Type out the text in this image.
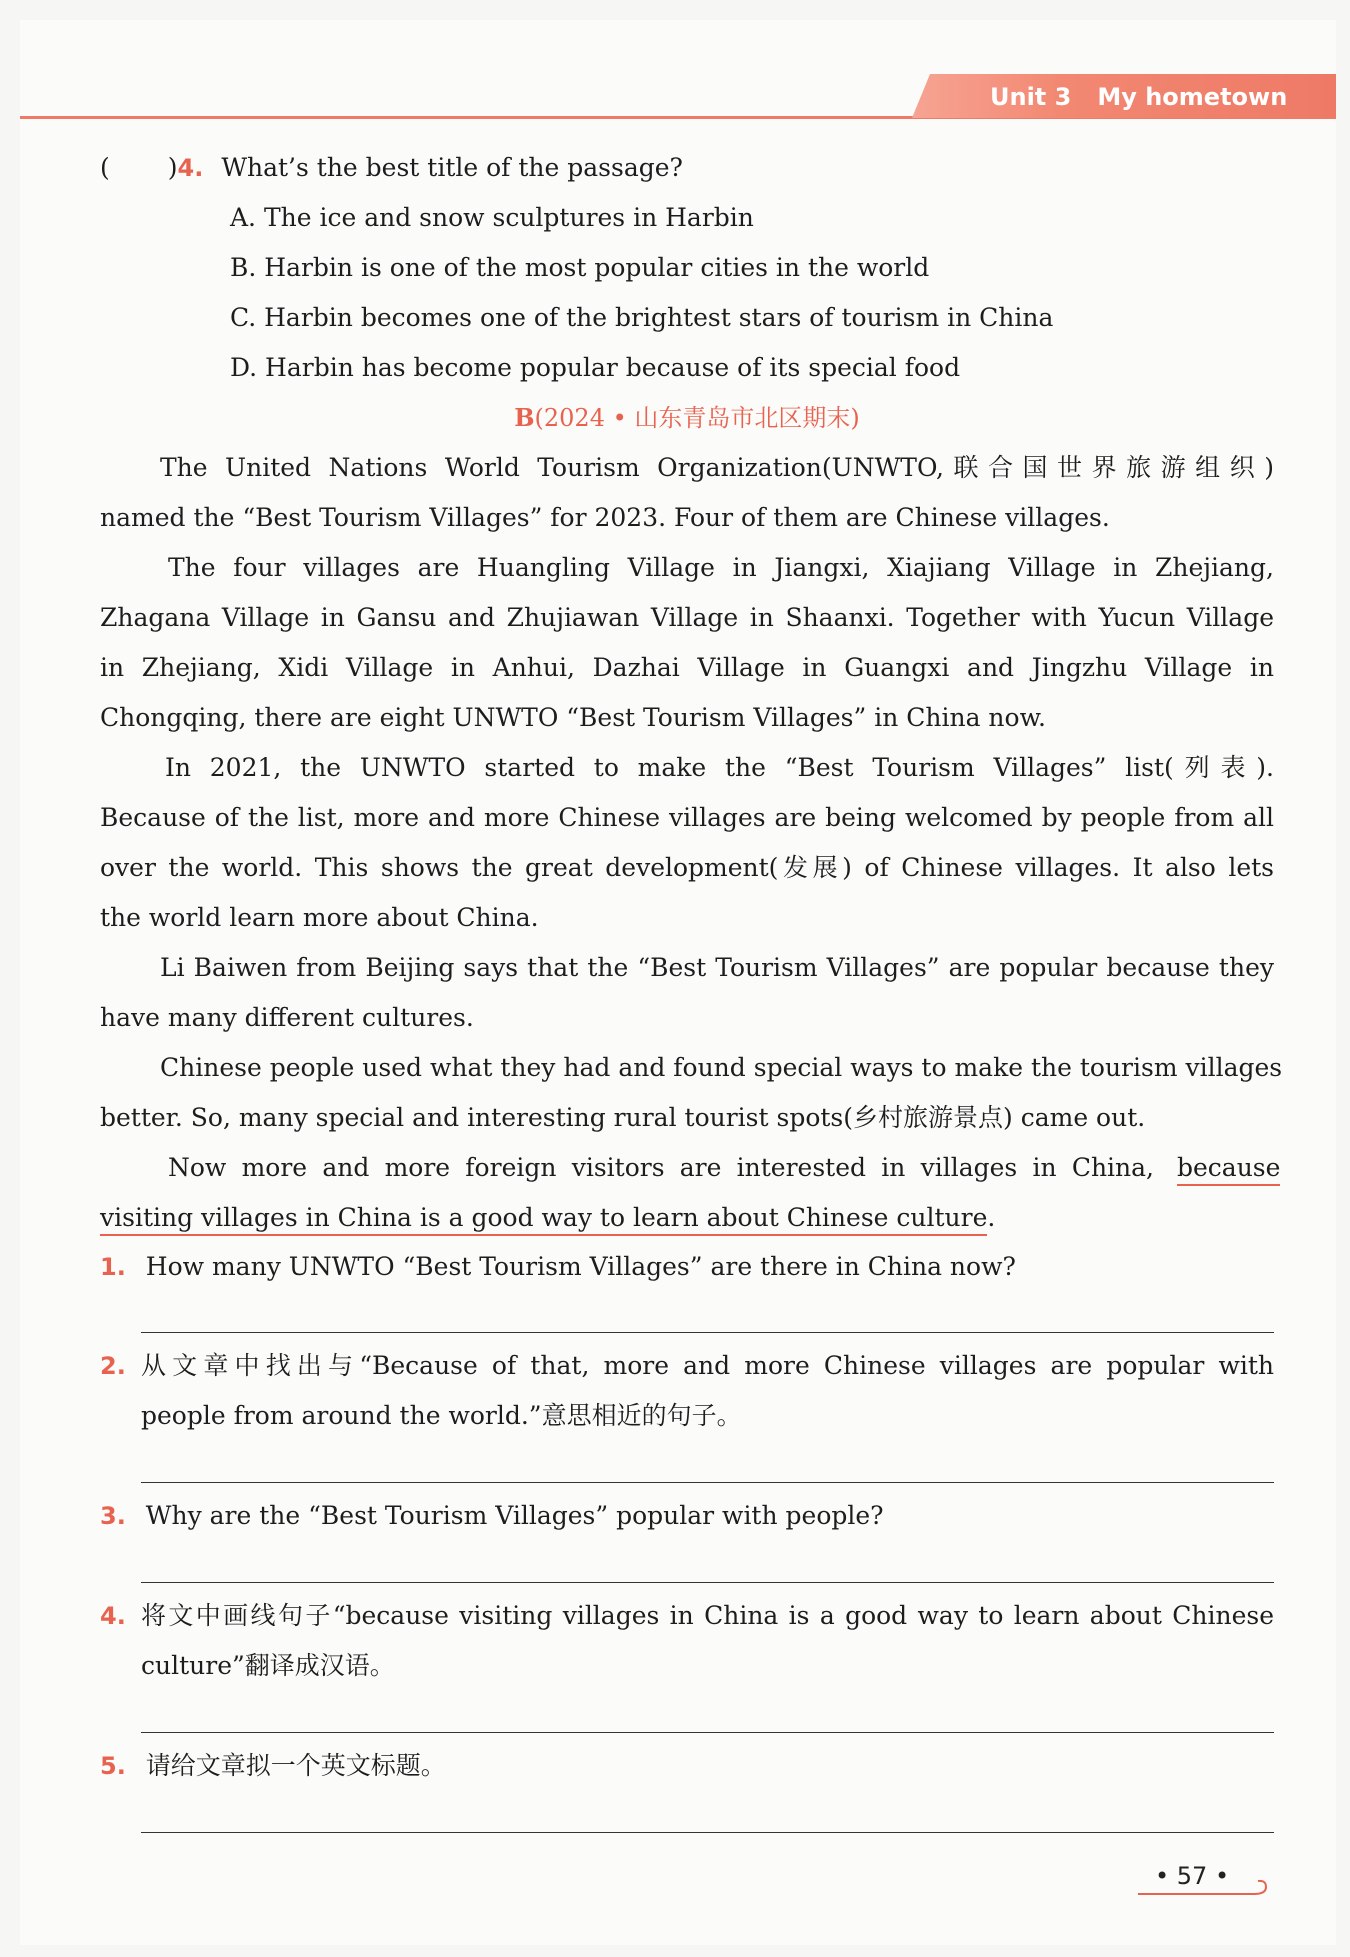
Unit 3 My hometown
( )4. What’s the best title of the passage?
A. The ice and snow sculptures in Harbin
B. Harbin is one of the most popular cities in the world
C. Harbin becomes one of the brightest stars of tourism in China
D. Harbin has become popular because of its special food
B(2024 • 山东青岛市北区期末)
The United Nations World Tourism Organization(UNWTO,联合国世界旅游组织)
named the “Best Tourism Villages” for 2023. Four of them are Chinese villages.
The four villages are Huangling Village in Jiangxi, Xiajiang Village in Zhejiang,
Zhagana Village in Gansu and Zhujiawan Village in Shaanxi. Together with Yucun Village
in Zhejiang, Xidi Village in Anhui, Dazhai Village in Guangxi and Jingzhu Village in
Chongqing, there are eight UNWTO “Best Tourism Villages” in China now.
In 2021, the UNWTO started to make the “Best Tourism Villages” list(列表).
Because of the list, more and more Chinese villages are being welcomed by people from all
over the world. This shows the great development(发展) of Chinese villages. It also lets
the world learn more about China.
Li Baiwen from Beijing says that the “Best Tourism Villages” are popular because they
have many different cultures.
Chinese people used what they had and found special ways to make the tourism villages
better. So, many special and interesting rural tourist spots(乡村旅游景点) came out.
Now more and more foreign visitors are interested in villages in China, because
visiting villages in China is a good way to learn about Chinese culture.
1. How many UNWTO “Best Tourism Villages” are there in China now?
2. 从文章中找出与“Because of that, more and more Chinese villages are popular with
people from around the world.”意思相近的句子。
3. Why are the “Best Tourism Villages” popular with people?
4. 将文中画线句子“because visiting villages in China is a good way to learn about Chinese
culture”翻译成汉语。
5. 请给文章拟一个英文标题。
• 57 •
